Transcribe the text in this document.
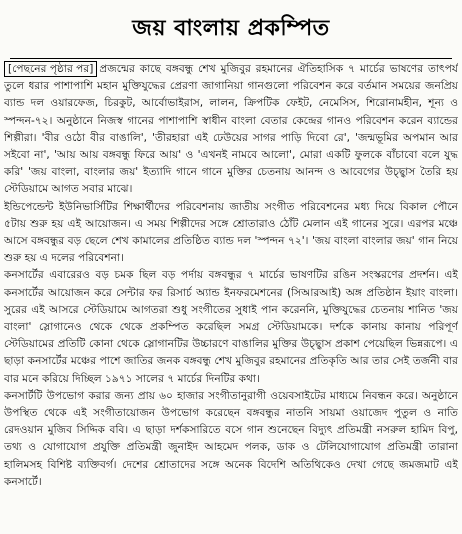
জয় বাংলায় প্রকম্পিত

[পেছনের পৃষ্ঠার পর] প্রজন্মের কাছে বঙ্গবন্ধু শেখ মুজিবুর রহমানের ঐতিহাসিক ৭ মার্চের ভাষণের তাৎপর্য তুলে ধরার পাশাপাশি মহান মুক্তিযুদ্ধের প্রেরণা জাগানিয়া গানগুলো পরিবেশন করে বর্তমান সময়ের জনপ্রিয় ব্যান্ড দল ওয়ারফেজ, চিরকুট, আর্বোভাইরাস, লালন, ক্রিপটিক ফেইট, নেমেসিস, শিরোনামহীন, শূন্য ও স্পন্দন-৭২। অনুষ্ঠানে নিজস্ব গানের পাশাপাশি স্বাধীন বাংলা বেতার কেন্দ্রের গানও পরিবেশন করেন ব্যান্ডের শিল্পীরা। 'বীর ওঠো বীর বাঙালি', 'তীরহারা এই ঢেউয়ের সাগর পাড়ি দিবো রে', 'জন্মভূমির অপমান আর সইবো না', 'আয় আয় বঙ্গবন্ধু ফিরে আয়' ও 'এখনই নামবে আলো', মোরা একটি ফুলকে বাঁচাবো বলে যুদ্ধ করি' 'জয় বাংলা, বাংলার জয়' ইত্যাদি গানে গানে মুক্তির চেতনায় আনন্দ ও আবেগের উচ্ছ্বাস তৈরি হয় স্টেডিয়ামে আগত সবার মাঝে।

ইন্ডিপেন্ডেন্ট ইউনিভার্সিটির শিক্ষার্থীদের পরিবেশনায় জাতীয় সংগীত পরিবেশনের মধ্য দিয়ে বিকাল পৌনে ৫টায় শুরু হয় এই আয়োজন। এ সময় শিল্পীদের সঙ্গে শ্রোতারাও ঠোঁট মেলান এই গানের সুরে। এরপর মঞ্চে আসে বঙ্গবন্ধুর বড় ছেলে শেখ কামালের প্রতিষ্ঠিত ব্যান্ড দল 'স্পন্দন ৭২'। 'জয় বাংলা বাংলার জয়' গান নিয়ে শুরু হয় এ দলের পরিবেশনা।

কনসার্টের এবারেরও বড় চমক ছিল বড় পর্দায় বঙ্গবন্ধুর ৭ মার্চের ভাষণটির রঙিন সংস্করণের প্রদর্শন। এই কনসার্টের আয়োজন করে সেন্টার ফর রিসার্চ অ্যান্ড ইনফরমেশনের (সিআরআই) অঙ্গ প্রতিষ্ঠান ইয়াং বাংলা। সুরের এই আসরে স্টেডিয়ামে আগতরা শুধু সংগীতের সুধাই পান করেননি, মুক্তিযুদ্ধের চেতনায় শানিত 'জয় বাংলা' স্লোগানেও থেকে থেকে প্রকম্পিত করেছিল সমগ্র স্টেডিয়ামকে। দর্শকে কানায় কানায় পরিপূর্ণ স্টেডিয়ামের প্রতিটি কোনা থেকে স্লোগানটির উচ্চারণে বাঙালির মুক্তির উচ্ছ্বাস প্রকাশ পেয়েছিল ভিন্নরূপে। এ ছাড়া কনসার্টের মঞ্চের পাশে জাতির জনক বঙ্গবন্ধু শেখ মুজিবুর রহমানের প্রতিকৃতি আর তার সেই তর্জনী বার বার মনে করিয়ে দিচ্ছিল ১৯৭১ সালের ৭ মার্চের দিনটির কথা।

কনসার্টটি উপভোগ করার জন্য প্রায় ৬০ হাজার সংগীতানুরাগী ওয়েবসাইটের মাধ্যমে নিবন্ধন করে। অনুষ্ঠানে উপস্থিত থেকে এই সংগীতায়োজন উপভোগ করেছেন বঙ্গবন্ধুর নাতনি সায়মা ওয়াজেদ পুতুল ও নাতি রেদওয়ান মুজিব সিদ্দিক ববি। এ ছাড়া দর্শকসারিতে বসে গান শুনেছেন বিদ্যুৎ প্রতিমন্ত্রী নসরুল হামিদ বিপু, তথ্য ও যোগাযোগ প্রযুক্তি প্রতিমন্ত্রী জুনাইদ আহমেদ পলক, ডাক ও টেলিযোগাযোগ প্রতিমন্ত্রী তারানা হালিমসহ বিশিষ্ট ব্যক্তিবর্গ। দেশের শ্রোতাদের সঙ্গে অনেক বিদেশি অতিথিকেও দেখা গেছে জমজমাট এই কনসার্টে।
